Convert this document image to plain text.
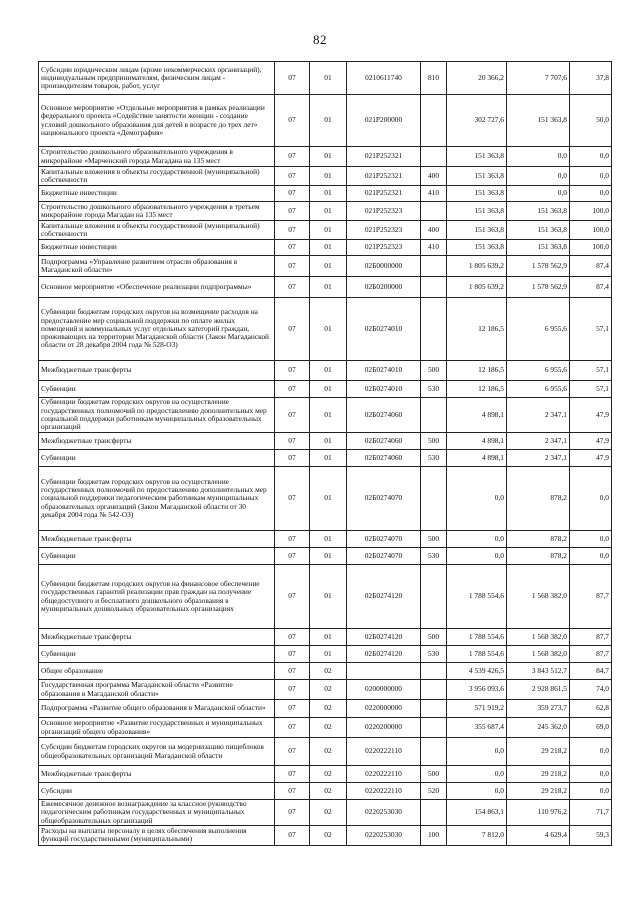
82
Субсидии юридическим лицам (кроме некоммерческих организаций), индивидуальным предпринимателям, физическим лицам - производителям товаров, работ, услуг	07	01	0210611740	810	20 366,2	7 707,6	37,8
Основное мероприятие «Отдельные мероприятия в рамках реализации федерального проекта «Содействие занятости женщин - создание условий дошкольного образования для детей в возрасте до трех лет» национального проекта «Демография»	07	01	021P200000		302 727,6	151 363,8	50,0
Строительство дошкольного образовательного учреждения в микрорайоне «Марченский города Магадана на 135 мест	07	01	021P252321		151 363,8	0,0	0,0
Капитальные вложения в объекты государственной (муниципальной) собственности	07	01	021P252321	400	151 363,8	0,0	0,0
Бюджетные инвестиции	07	01	021P252321	410	151 363,8	0,0	0,0
Строительство дошкольного образовательного учреждения в третьем микрорайоне города Магадан на 135 мест	07	01	021P252323		151 363,8	151 363,8	100,0
Капитальные вложения в объекты государственной (муниципальной) собственности	07	01	021P252323	400	151 363,8	151 363,8	100,0
Бюджетные инвестиции	07	01	021P252323	410	151 363,8	151 363,8	100,0
Подпрограмма «Управление развитием отрасли образования в Магаданской области»	07	01	02Б0000000		1 805 639,2	1 578 562,9	87,4
Основное мероприятие «Обеспечение реализации подпрограммы»	07	01	02Б0200000		1 805 639,2	1 578 562,9	87,4
Субвенции бюджетам городских округов на возмещение расходов на предоставление мер социальной поддержки по оплате жилых помещений и коммунальных услуг отдельных категорий граждан, проживающих на территории Магаданской области (Закон Магаданской области от 28 декабря 2004 года № 528-ОЗ)	07	01	02Б0274010		12 186,5	6 955,6	57,1
Межбюджетные трансферты	07	01	02Б0274010	500	12 186,5	6 955,6	57,1
Субвенции	07	01	02Б0274010	530	12 186,5	6 955,6	57,1
Субвенции бюджетам городских округов на осуществление государственных полномочий по предоставлению дополнительных мер социальной поддержки работникам муниципальных образовательных организаций	07	01	02Б0274060		4 898,1	2 347,1	47,9
Межбюджетные трансферты	07	01	02Б0274060	500	4 898,1	2 347,1	47,9
Субвенции	07	01	02Б0274060	530	4 898,1	2 347,1	47,9
Субвенции бюджетам городских округов на осуществление государственных полномочий по предоставлению дополнительных мер социальной поддержки педагогическим работникам муниципальных образовательных организаций (Закон Магаданской области от 30 декабря 2004 года № 542-ОЗ)	07	01	02Б0274070		0,0	878,2	0,0
Межбюджетные трансферты	07	01	02Б0274070	500	0,0	878,2	0,0
Субвенции	07	01	02Б0274070	530	0,0	878,2	0,0
Субвенции бюджетам городских округов на финансовое обеспечение государственных гарантий реализации прав граждан на получение общедоступного и бесплатного дошкольного образования в муниципальных дошкольных образовательных организациях	07	01	02Б0274120		1 788 554,6	1 568 382,0	87,7
Межбюджетные трансферты	07	01	02Б0274120	500	1 788 554,6	1 568 382,0	87,7
Субвенции	07	01	02Б0274120	530	1 788 554,6	1 568 382,0	87,7
Общее образование	07	02			4 539 426,5	3 843 512,7	84,7
Государственная программа Магаданской области «Развитие образования в Магаданской области»	07	02	0200000000		3 956 093,6	2 928 861,5	74,0
Подпрограмма «Развитие общего образования в Магаданской области»	07	02	0220000000		571 919,2	359 273,7	62,8
Основное мероприятие «Развитие государственных и муниципальных организаций общего образования»	07	02	0220200000		355 687,4	245 362,0	69,0
Субсидии бюджетам городских округов на модернизацию пищеблоков общеобразовательных организаций Магаданской области	07	02	0220222110		0,0	29 218,2	0,0
Межбюджетные трансферты	07	02	0220222110	500	0,0	29 218,2	0,0
Субсидии	07	02	0220222110	520	0,0	29 218,2	0,0
Ежемесячное денежное вознаграждение за классное руководство педагогическим работникам государственных и муниципальных общеобразовательных организаций	07	02	0220253030		154 863,1	110 976,2	71,7
Расходы на выплаты персоналу в целях обеспечения выполнения функций государственными (муниципальными)	07	02	0220253030	100	7 812,0	4 629,4	59,3
